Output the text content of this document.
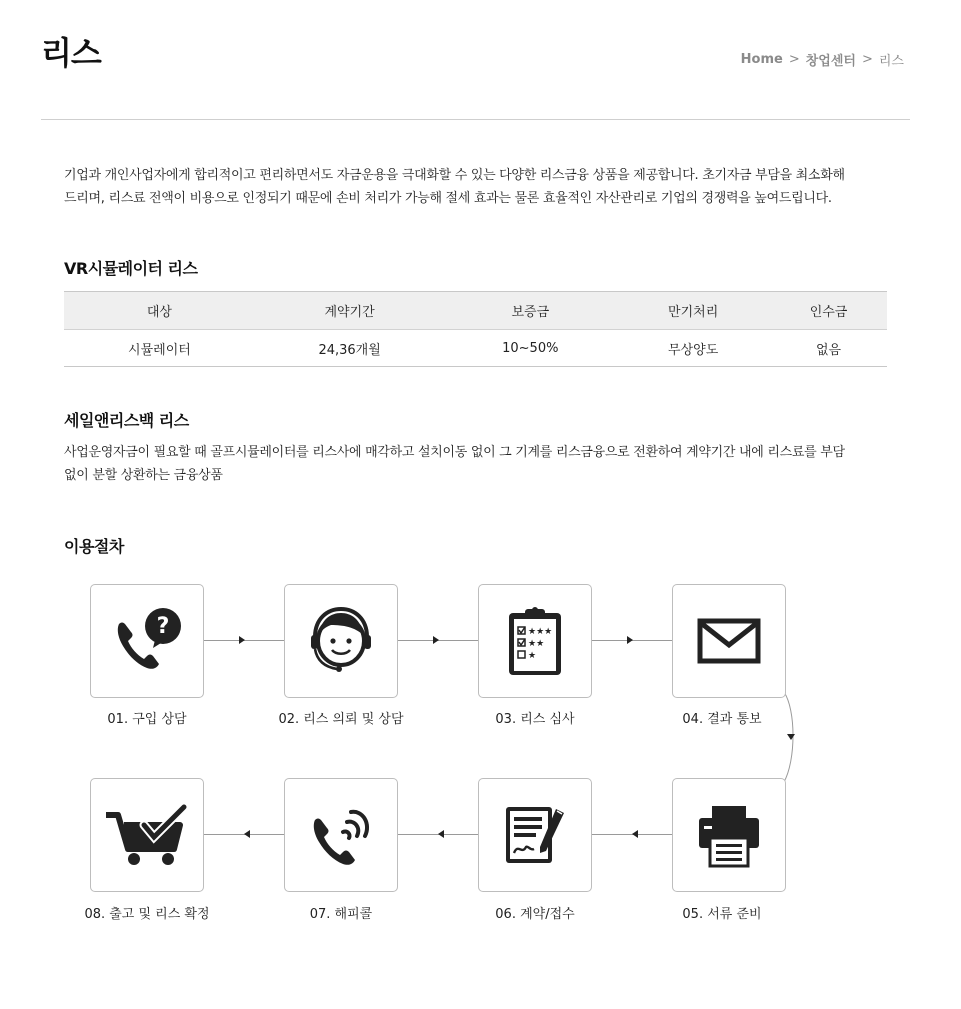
리스	Home > 창업센터 > 리스
기업과 개인사업자에게 합리적이고 편리하면서도 자금운용을 극대화할 수 있는 다양한 리스금융 상품을 제공합니다. 초기자금 부담을 최소화해
드리며, 리스료 전액이 비용으로 인정되기 때문에 손비 처리가 가능해 절세 효과는 물론 효율적인 자산관리로 기업의 경쟁력을 높여드립니다.
VR시뮬레이터 리스
대상	계약기간	보증금	만기처리	인수금
시뮬레이터	24,36개월	10~50%	무상양도	없음
세일앤리스백 리스
사업운영자금이 필요할 때 골프시뮬레이터를 리스사에 매각하고 설치이동 없이 그 기계를 리스금융으로 전환하여 계약기간 내에 리스료를 부담
없이 분할 상환하는 금융상품
이용절차
?
01. 구입 상담	02. 리스 의뢰 및 상담
★★★
★★
★
03. 리스 심사	04. 결과 통보
05. 서류 준비
06. 계약/접수
07. 해피콜
08. 출고 및 리스 확정
